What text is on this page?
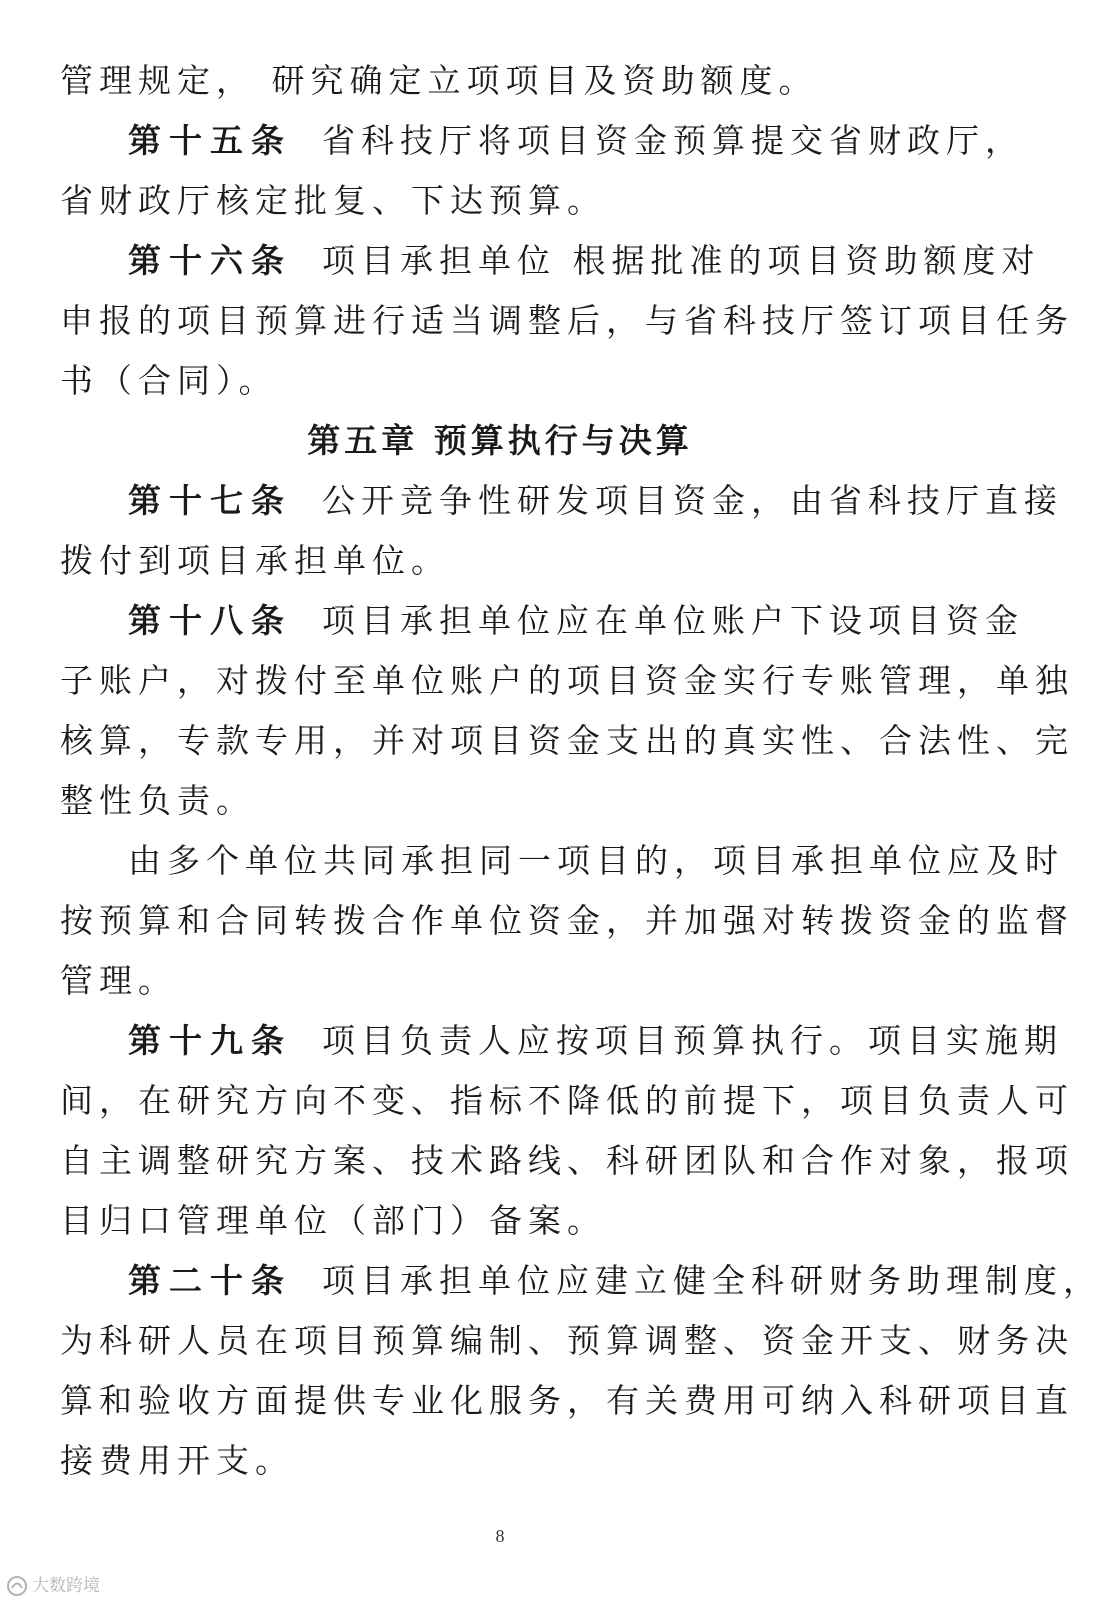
管理规定， 研究确定立项项目及资助额度。
第十五条 省科技厅将项目资金预算提交省财政厅，
省财政厅核定批复、下达预算。
第十六条 项目承担单位 根据批准的项目资助额度对
申报的项目预算进行适当调整后，与省科技厅签订项目任务
书（合同）。
第五章 预算执行与决算
第十七条 公开竞争性研发项目资金，由省科技厅直接
拨付到项目承担单位。
第十八条 项目承担单位应在单位账户下设项目资金
子账户，对拨付至单位账户的项目资金实行专账管理，单独
核算，专款专用，并对项目资金支出的真实性、合法性、完
整性负责。
由多个单位共同承担同一项目的，项目承担单位应及时
按预算和合同转拨合作单位资金，并加强对转拨资金的监督
管理。
第十九条 项目负责人应按项目预算执行。项目实施期
间，在研究方向不变、指标不降低的前提下，项目负责人可
自主调整研究方案、技术路线、科研团队和合作对象，报项
目归口管理单位（部门）备案。
第二十条 项目承担单位应建立健全科研财务助理制度，
为科研人员在项目预算编制、预算调整、资金开支、财务决
算和验收方面提供专业化服务，有关费用可纳入科研项目直
接费用开支。
8
大数跨境
